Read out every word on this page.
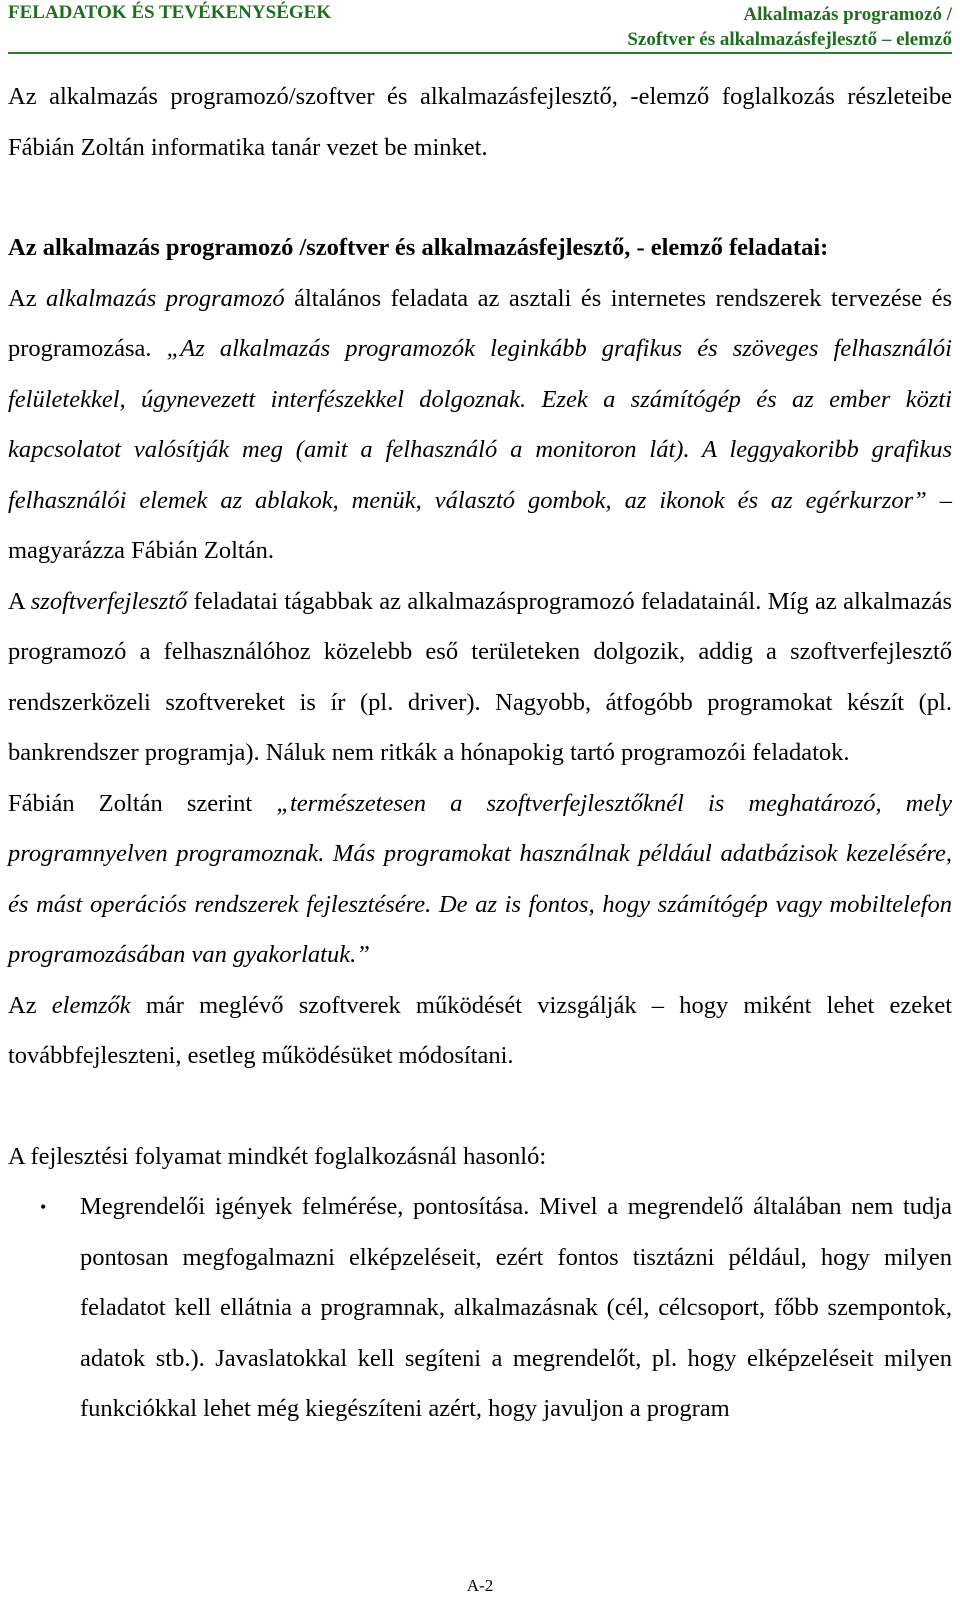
FELADATOK ÉS TEVÉKENYSÉGEK	Alkalmazás programozó /
Szoftver és alkalmazásfejlesztő – elemző

Az alkalmazás programozó/szoftver és alkalmazásfejlesztő, -elemző foglalkozás részleteibe Fábián Zoltán informatika tanár vezet be minket.

Az alkalmazás programozó /szoftver és alkalmazásfejlesztő, - elemző feladatai:

Az alkalmazás programozó általános feladata az asztali és internetes rendszerek tervezése és programozása. „Az alkalmazás programozók leginkább grafikus és szöveges felhasználói felületekkel, úgynevezett interfészekkel dolgoznak. Ezek a számítógép és az ember közti kapcsolatot valósítják meg (amit a felhasználó a monitoron lát). A leggyakoribb grafikus felhasználói elemek az ablakok, menük, választó gombok, az ikonok és az egérkurzor” – magyarázza Fábián Zoltán.

A szoftverfejlesztő feladatai tágabbak az alkalmazásprogramozó feladatainál. Míg az alkalmazás programozó a felhasználóhoz közelebb eső területeken dolgozik, addig a szoftverfejlesztő rendszerközeli szoftvereket is ír (pl. driver). Nagyobb, átfogóbb programokat készít (pl. bankrendszer programja). Náluk nem ritkák a hónapokig tartó programozói feladatok.

Fábián Zoltán szerint „természetesen a szoftverfejlesztőknél is meghatározó, mely programnyelven programoznak. Más programokat használnak például adatbázisok kezelésére, és mást operációs rendszerek fejlesztésére. De az is fontos, hogy számítógép vagy mobiltelefon programozásában van gyakorlatuk.”

Az elemzők már meglévő szoftverek működését vizsgálják – hogy miként lehet ezeket továbbfejleszteni, esetleg működésüket módosítani.

A fejlesztési folyamat mindkét foglalkozásnál hasonló:

• Megrendelői igények felmérése, pontosítása. Mivel a megrendelő általában nem tudja pontosan megfogalmazni elképzeléseit, ezért fontos tisztázni például, hogy milyen feladatot kell ellátnia a programnak, alkalmazásnak (cél, célcsoport, főbb szempontok, adatok stb.). Javaslatokkal kell segíteni a megrendelőt, pl. hogy elképzeléseit milyen funkciókkal lehet még kiegészíteni azért, hogy javuljon a program
A-2
